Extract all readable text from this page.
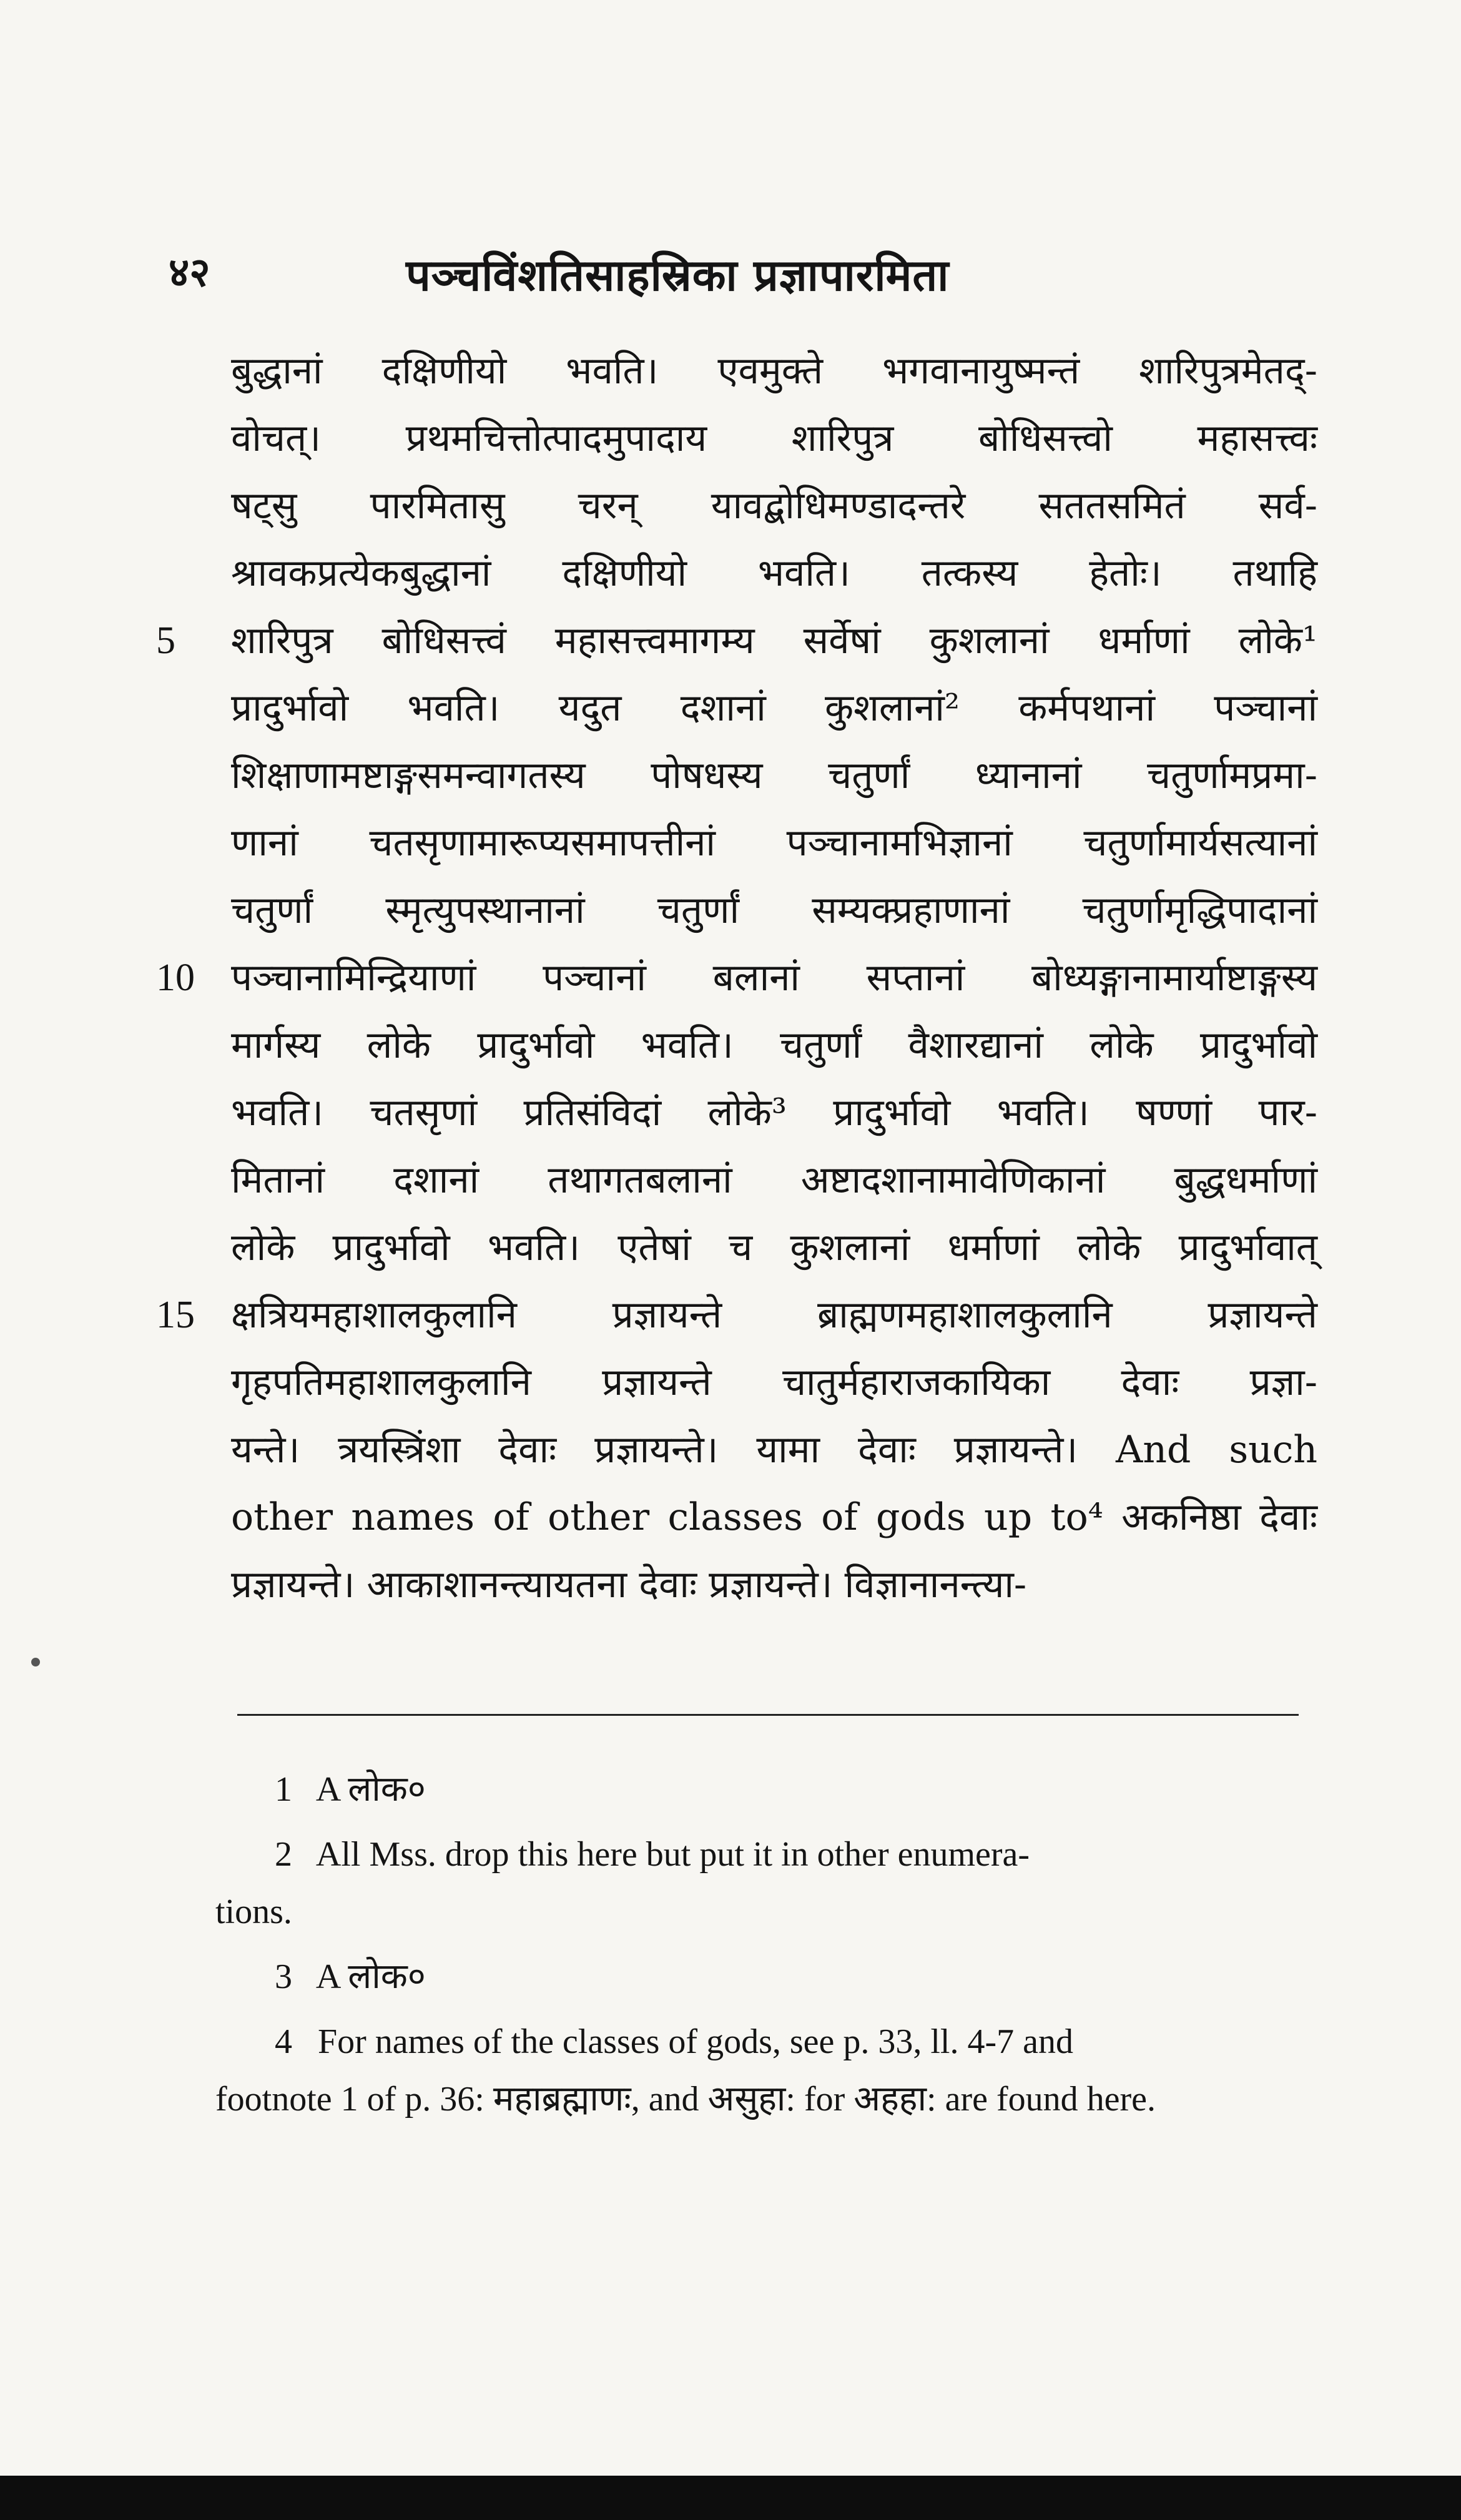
४२	पञ्चविंशतिसाहस्रिका प्रज्ञापारमिता
बुद्धानां दक्षिणीयो भवति। एवमुक्ते भगवानायुष्मन्तं शारिपुत्रमेतद्-
वोचत्। प्रथमचित्तोत्पादमुपादाय शारिपुत्र बोधिसत्त्वो महासत्त्वः
षट्सु पारमितासु चरन् यावद्बोधिमण्डादन्तरे सततसमितं सर्व-
श्रावकप्रत्येकबुद्धानां दक्षिणीयो भवति। तत्कस्य हेतोः। तथाहि
5	शारिपुत्र बोधिसत्त्वं महासत्त्वमागम्य सर्वेषां कुशलानां धर्माणां लोके¹
प्रादुर्भावो भवति। यदुत दशानां कुशलानां² कर्मपथानां पञ्चानां
शिक्षाणामष्टाङ्गसमन्वागतस्य पोषधस्य चतुर्णां ध्यानानां चतुर्णामप्रमा-
णानां चतसृणामारूप्यसमापत्तीनां पञ्चानामभिज्ञानां चतुर्णामार्यसत्यानां
चतुर्णां स्मृत्युपस्थानानां चतुर्णां सम्यक्प्रहाणानां चतुर्णामृद्धिपादानां
10 पञ्चानामिन्द्रियाणां पञ्चानां बलानां सप्तानां बोध्यङ्गानामार्याष्टाङ्गस्य
मार्गस्य लोके प्रादुर्भावो भवति। चतुर्णां वैशारद्यानां लोके प्रादुर्भावो
भवति। चतसृणां प्रतिसंविदां लोके³ प्रादुर्भावो भवति। षण्णां पार-
मितानां दशानां तथागतबलानां अष्टादशानामावेणिकानां बुद्धधर्माणां
लोके प्रादुर्भावो भवति। एतेषां च कुशलानां धर्माणां लोके प्रादुर्भावात्
15 क्षत्रियमहाशालकुलानि प्रज्ञायन्ते ब्राह्मणमहाशालकुलानि प्रज्ञायन्ते
गृहपतिमहाशालकुलानि प्रज्ञायन्ते चातुर्महाराजकायिका देवाः प्रज्ञा-
यन्ते। त्रयस्त्रिंशा देवाः प्रज्ञायन्ते। यामा देवाः प्रज्ञायन्ते। And such
other names of other classes of gods up to⁴ अकनिष्ठा देवाः
प्रज्ञायन्ते। आकाशानन्त्यायतना देवाः प्रज्ञायन्ते। विज्ञानानन्त्या-
1 A लोक०
2 All Mss. drop this here but put it in other enumera-
tions.
3 A लोक०
4 For names of the classes of gods, see p. 33, ll. 4-7 and
footnote 1 of p. 36: महाब्रह्माणः, and असुहा: for अहहा: are found here.
